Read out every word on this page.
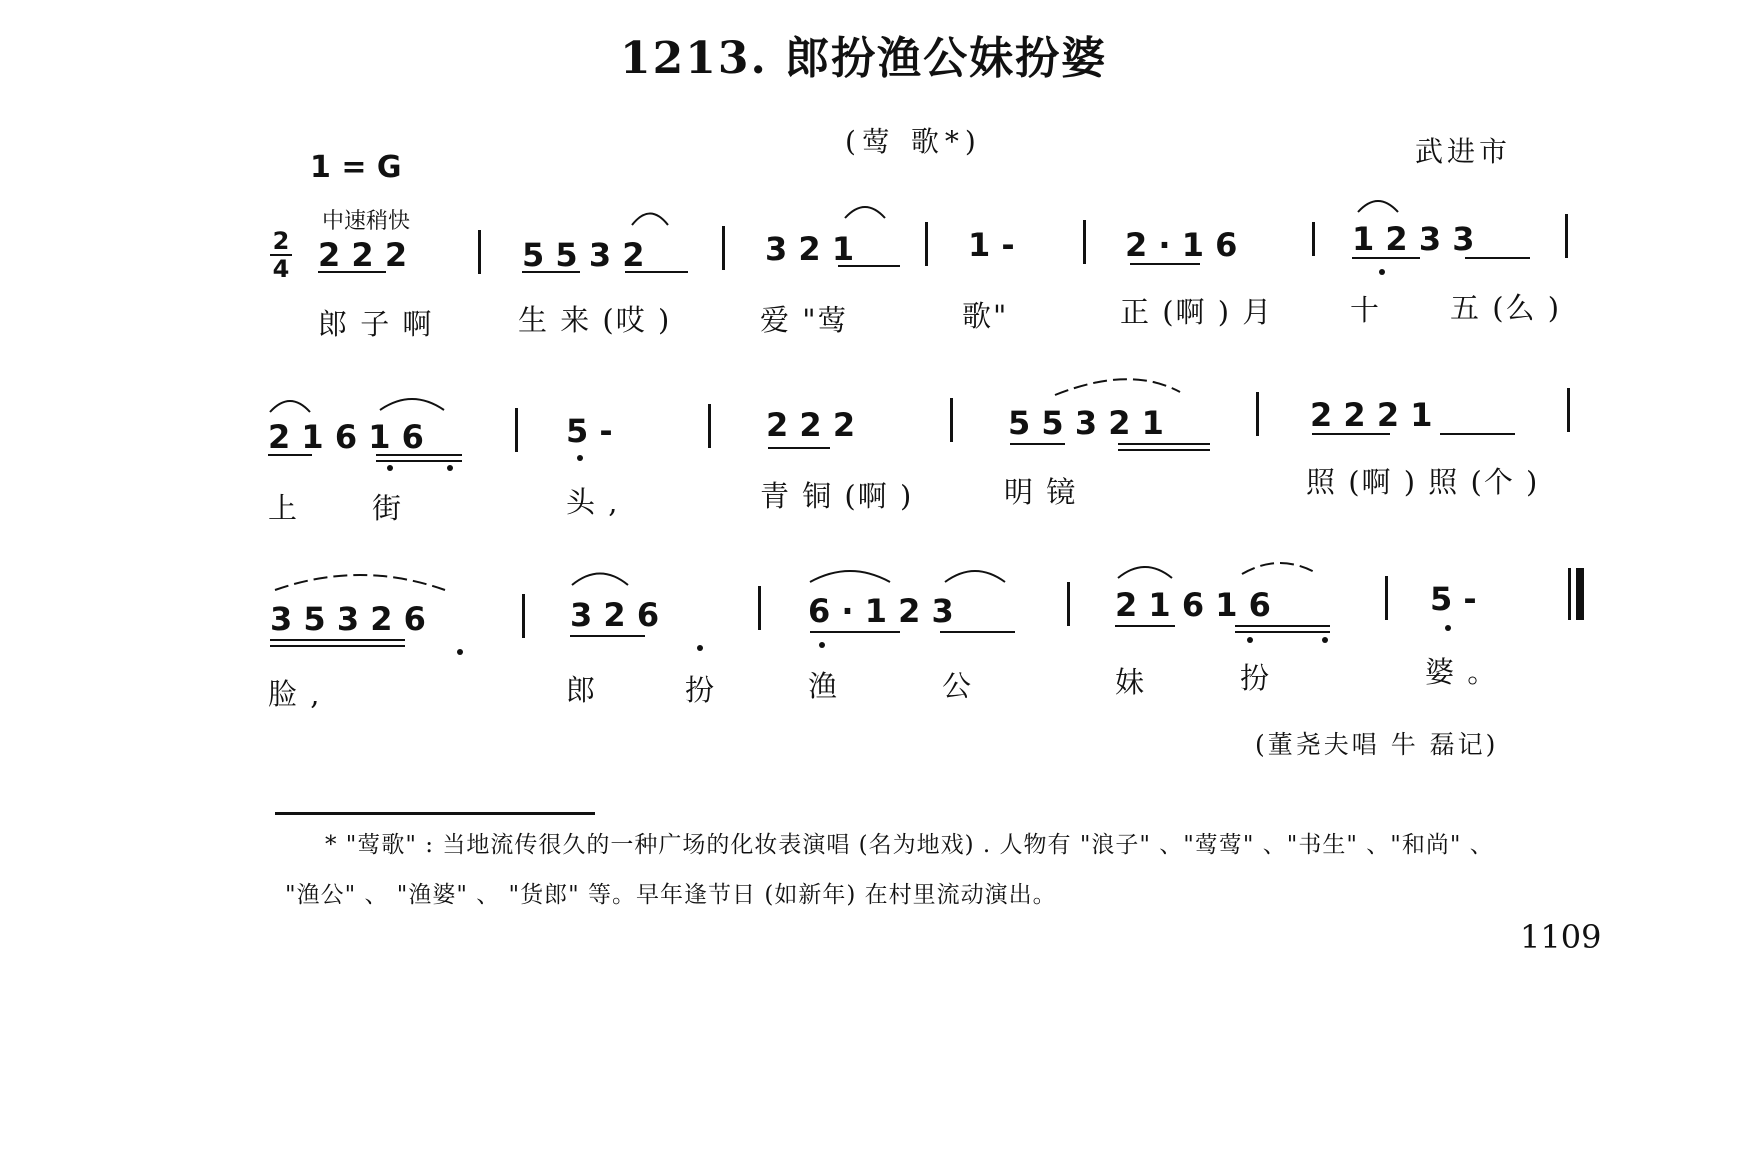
1213. 郎扮渔公妹扮婆
(莺 歌*)	武进市
1 = G
中速稍快
2
4 2 2 2	5 5 3 2	3 2 1	1 -	2 · 1 6	1 2 3 3
郎 子 啊	生 来 (哎 )	爱 "莺	歌"	正 (啊 ) 月	十 五 (么 )
2 1 6 1 6	5 -	2 2 2	5 5 3 2 1	2 2 2 1
上	街	头 ,	青 铜 (啊 )	明 镜	照 (啊 ) 照 (个 )
3 5 3 2 6	3 2 6	6 · 1 2 3	2 1 6 1 6	5 -
脸 ,	郎	扮	渔	公	妹	扮	婆 。
(董尧夫唱 牛 磊记)
* "莺歌" : 当地流传很久的一种广场的化妆表演唱 (名为地戏) . 人物有 "浪子" 、"莺莺" 、"书生" 、"和尚" 、
"渔公" 、 "渔婆" 、 "货郎" 等。早年逢节日 (如新年) 在村里流动演出。
1109
